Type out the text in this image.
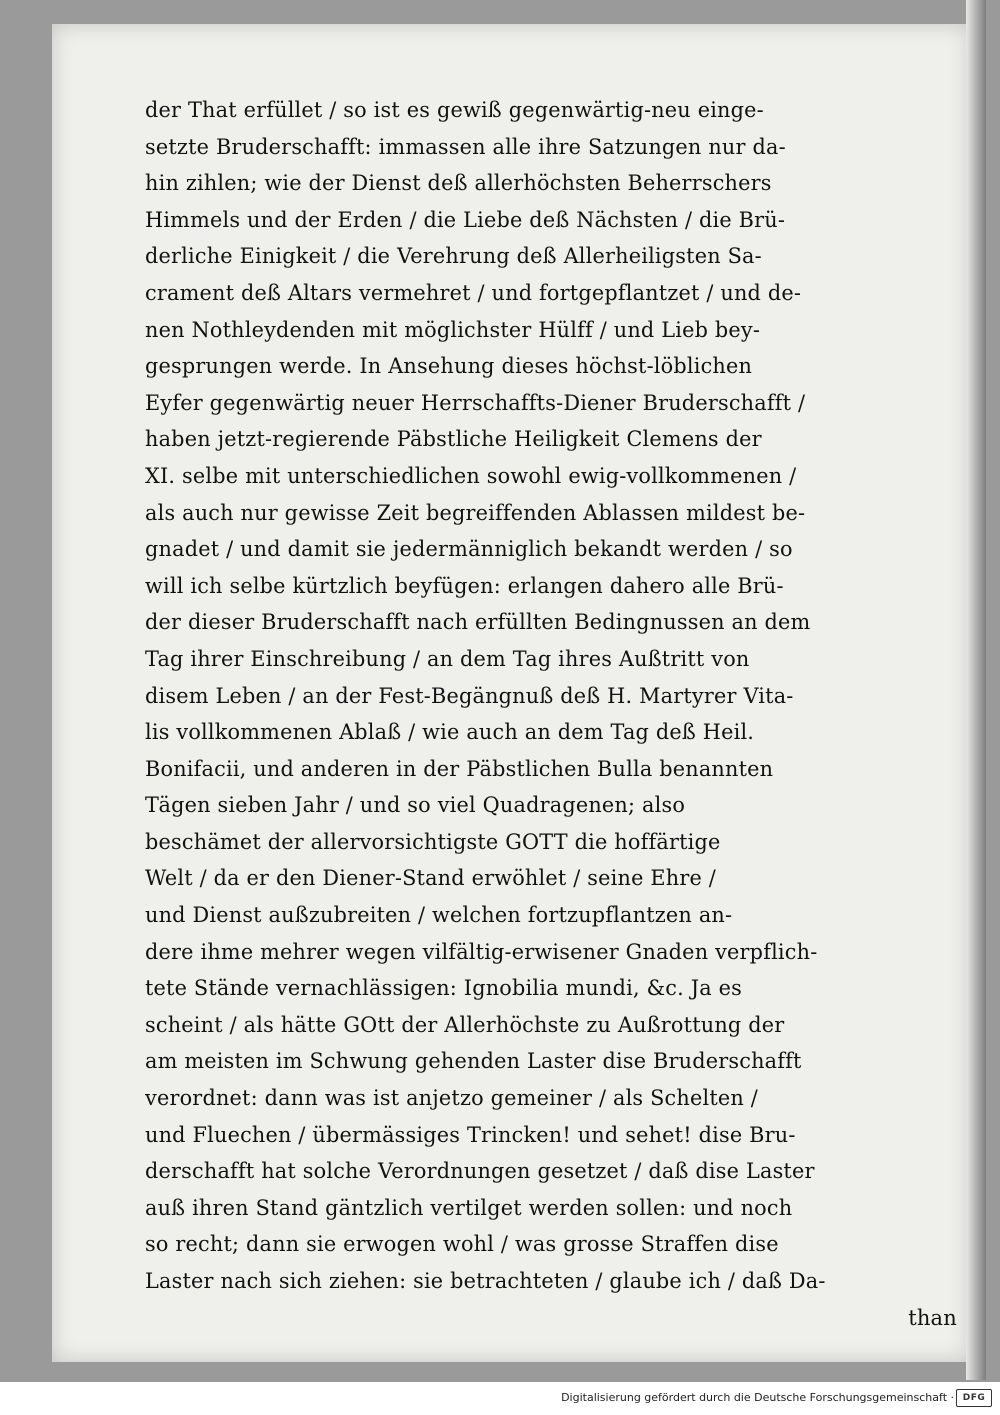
der That erfüllet / so ist es gewiß gegenwärtig-neu einge-
setzte Bruderschafft: immassen alle ihre Satzungen nur da-
hin zihlen; wie der Dienst deß allerhöchsten Beherrschers
Himmels und der Erden / die Liebe deß Nächsten / die Brü-
derliche Einigkeit / die Verehrung deß Allerheiligsten Sa-
crament deß Altars vermehret / und fortgepflantzet / und de-
nen Nothleydenden mit möglichster Hülff / und Lieb bey-
gesprungen werde. In Ansehung dieses höchst-löblichen
Eyfer gegenwärtig neuer Herrschaffts-Diener Bruderschafft /
haben jetzt-regierende Päbstliche Heiligkeit Clemens der
XI. selbe mit unterschiedlichen sowohl ewig-vollkommenen /
als auch nur gewisse Zeit begreiffenden Ablassen mildest be-
gnadet / und damit sie jedermänniglich bekandt werden / so
will ich selbe kürtzlich beyfügen: erlangen dahero alle Brü-
der dieser Bruderschafft nach erfüllten Bedingnussen an dem
Tag ihrer Einschreibung / an dem Tag ihres Außtritt von
disem Leben / an der Fest-Begängnuß deß H. Martyrer Vita-
lis vollkommenen Ablaß / wie auch an dem Tag deß Heil.
Bonifacii, und anderen in der Päbstlichen Bulla benannten
Tägen sieben Jahr / und so viel Quadragenen; also
beschämet der allervorsichtigste GOTT die hoffärtige
Welt / da er den Diener-Stand erwöhlet / seine Ehre /
und Dienst außzubreiten / welchen fortzupflantzen an-
dere ihme mehrer wegen vilfältig-erwisener Gnaden verpflich-
tete Stände vernachlässigen: Ignobilia mundi, &c. Ja es
scheint / als hätte GOtt der Allerhöchste zu Außrottung der
am meisten im Schwung gehenden Laster dise Bruderschafft
verordnet: dann was ist anjetzo gemeiner / als Schelten /
und Fluechen / übermässiges Trincken! und sehet! dise Bru-
derschafft hat solche Verordnungen gesetzet / daß dise Laster
auß ihren Stand gäntzlich vertilget werden sollen: und noch
so recht; dann sie erwogen wohl / was grosse Straffen dise
Laster nach sich ziehen: sie betrachteten / glaube ich / daß Da-
than
Digitalisierung gefördert durch die Deutsche Forschungsgemeinschaft · DFG
